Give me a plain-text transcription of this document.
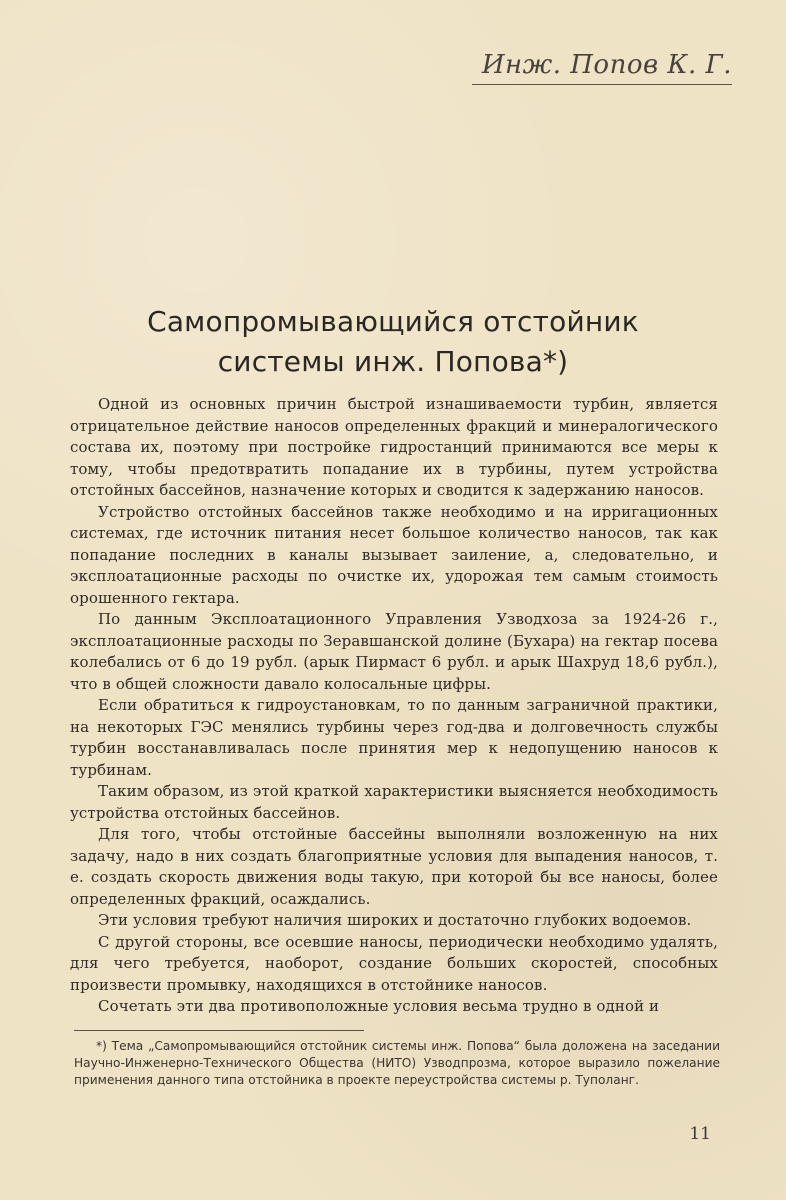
Инж. Попов К. Г.
Самопромывающийся отстойник
системы инж. Попова*)

Одной из основных причин быстрой изнашиваемости турбин, является отрицательное действие наносов определенных фракций и минералогического состава их, поэтому при постройке гидростанций принимаются все меры к тому, чтобы предотвратить попадание их в турбины, путем устройства отстойных бассейнов, назначение которых и сводится к задержанию наносов.

Устройство отстойных бассейнов также необходимо и на ирригационных системах, где источник питания несет большое количество наносов, так как попадание последних в каналы вызывает заиление, а, следовательно, и эксплоатационные расходы по очистке их, удорожая тем самым стоимость орошенного гектара.

По данным Эксплоатационного Управления Узводхоза за 1924-26 г., эксплоатационные расходы по Зеравшанской долине (Бухара) на гектар посева колебались от 6 до 19 рубл. (арык Пирмаст 6 рубл. и арык Шахруд 18,6 рубл.), что в общей сложности давало колосальные цифры.

Если обратиться к гидроустановкам, то по данным заграничной практики, на некоторых ГЭС менялись турбины через год-два и долговечность службы турбин восстанавливалась после принятия мер к недопущению наносов к турбинам.

Таким образом, из этой краткой характеристики выясняется необходимость устройства отстойных бассейнов.

Для того, чтобы отстойные бассейны выполняли возложенную на них задачу, надо в них создать благоприятные условия для выпадения наносов, т. е. создать скорость движения воды такую, при которой бы все наносы, более определенных фракций, осаждались.

Эти условия требуют наличия широких и достаточно глубоких водоемов.

С другой стороны, все осевшие наносы, периодически необходимо удалять, для чего требуется, наоборот, создание больших скоростей, способных произвести промывку, находящихся в отстойнике наносов.

Сочетать эти два противоположные условия весьма трудно в одной и

*) Тема „Самопромывающийся отстойник системы инж. Попова“ была доложена на заседании Научно-Инженерно-Технического Общества (НИТО) Узводпрозма, которое выразило пожелание применения данного типа отстойника в проекте переустройства системы р. Туполанг.

11
